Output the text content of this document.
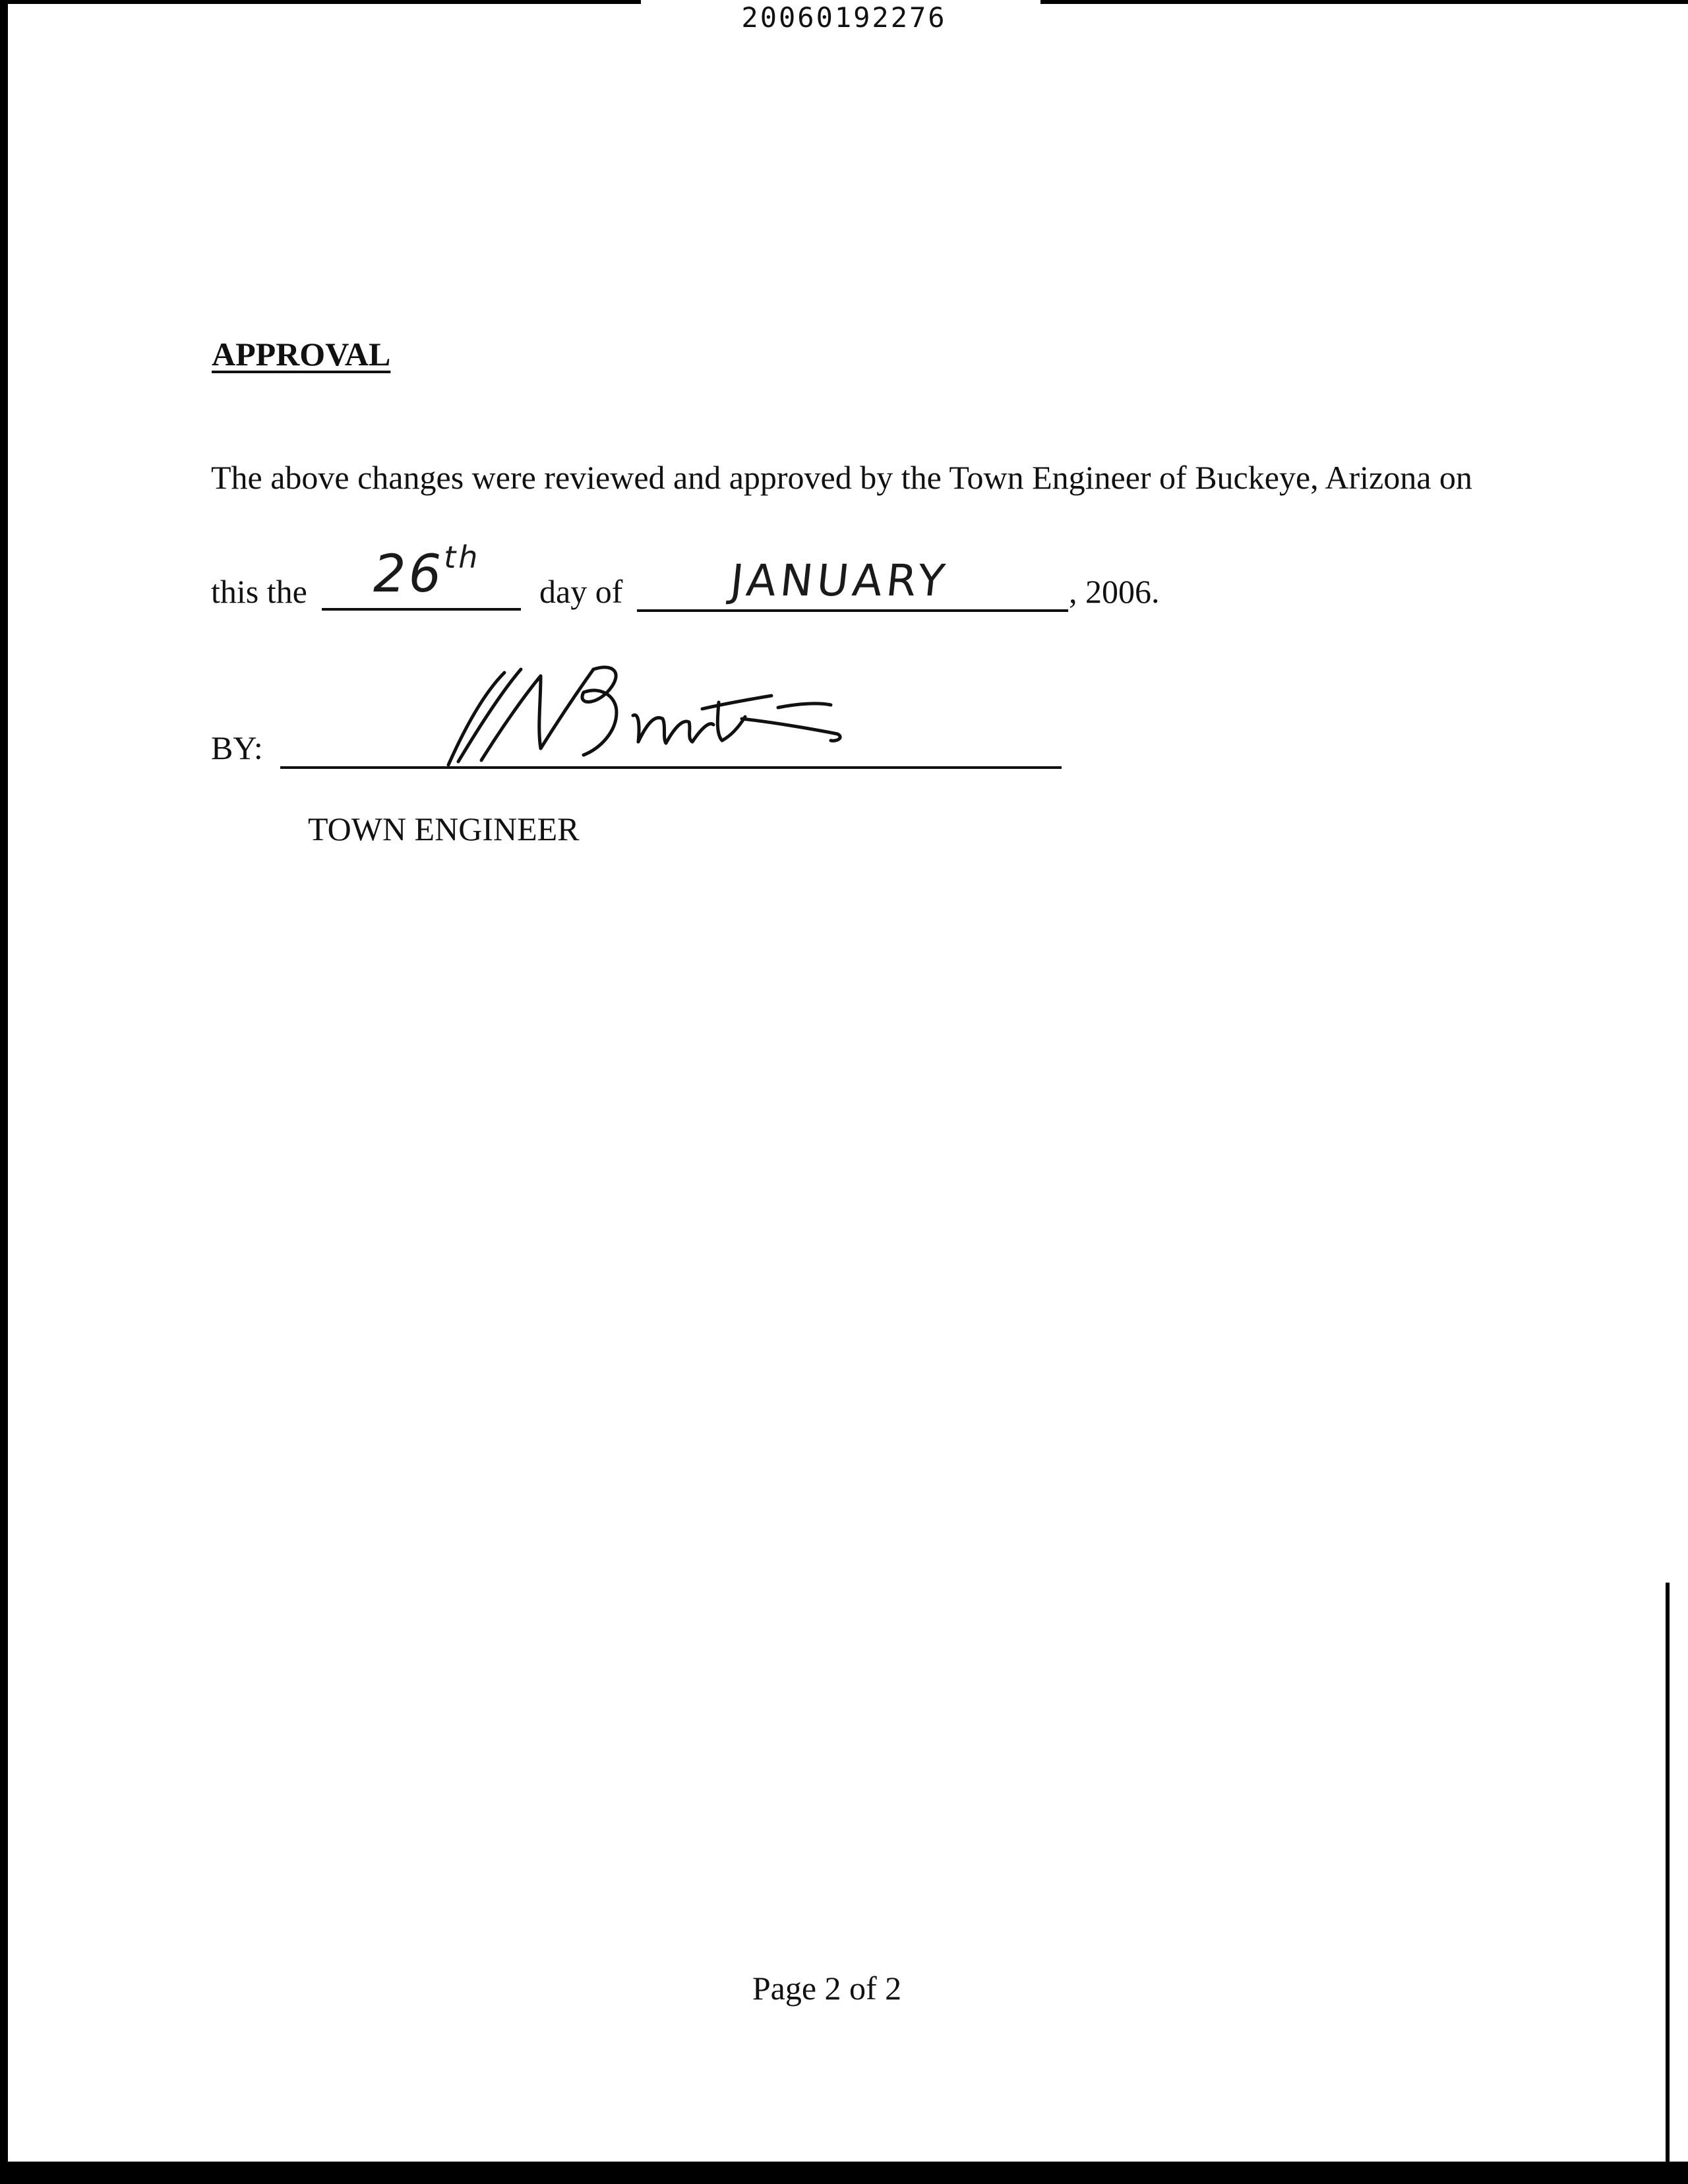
20060192276
APPROVAL
The above changes were reviewed and approved by the Town Engineer of Buckeye, Arizona on
this the 26th
day of JANUARY	, 2006.
BY:
TOWN ENGINEER
Page 2 of 2
